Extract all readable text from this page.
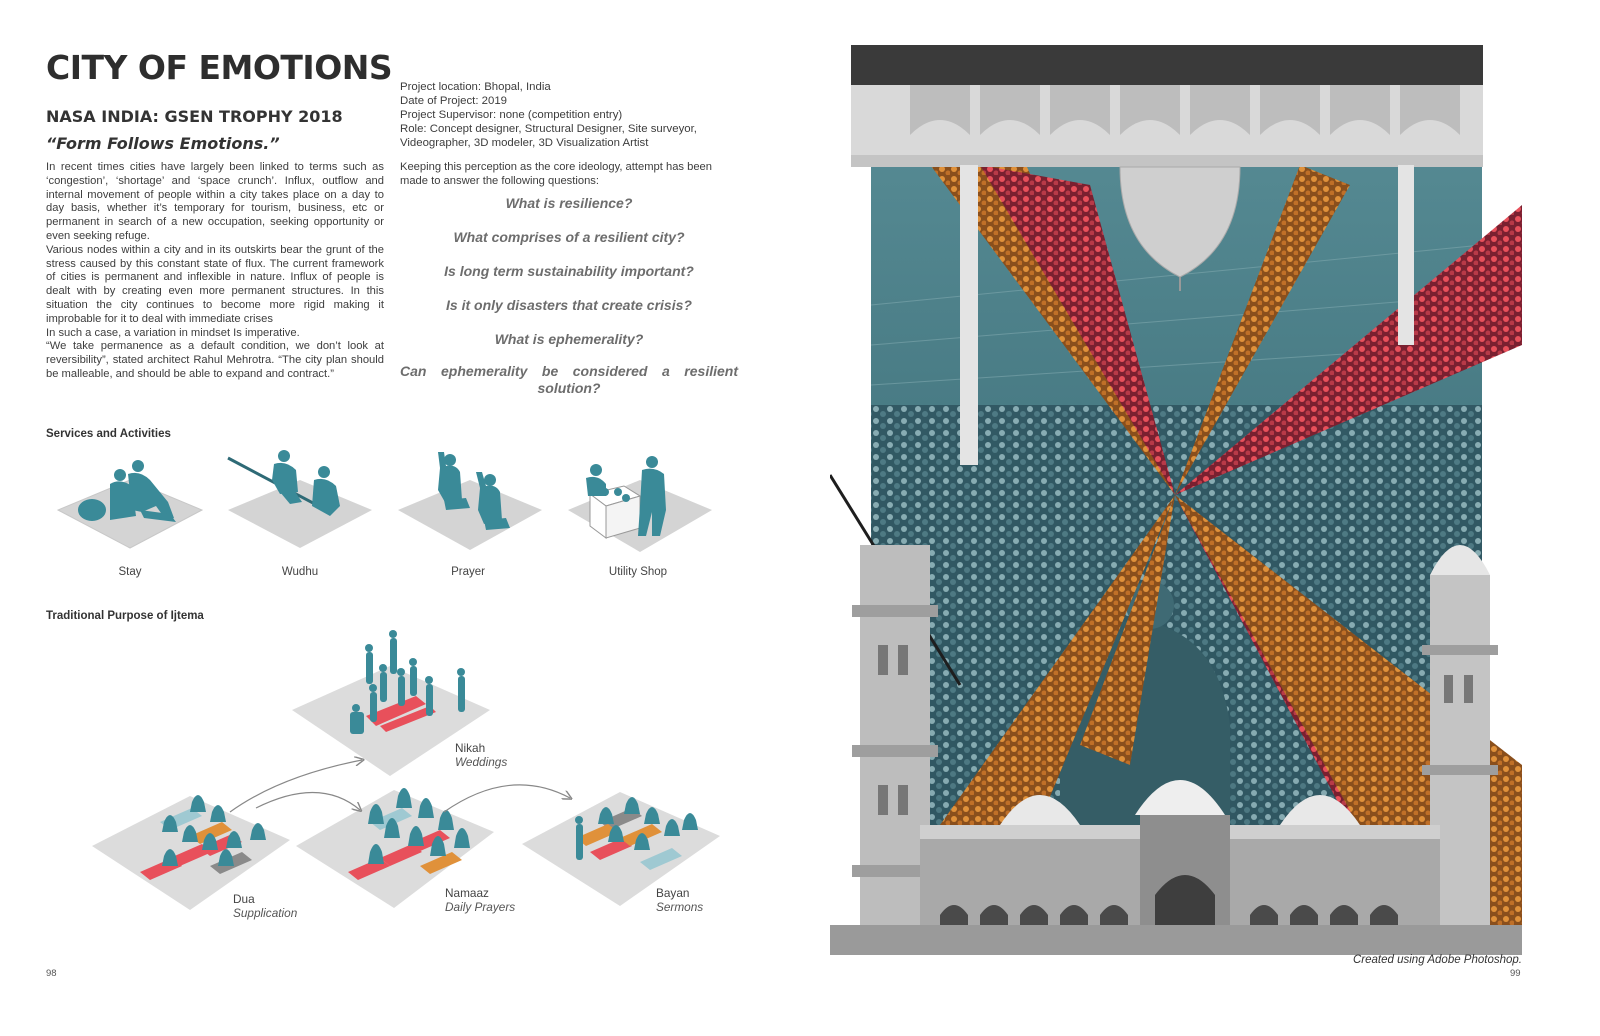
CITY OF EMOTIONS
NASA INDIA: GSEN TROPHY 2018
“Form Follows Emotions.”

In recent times cities have largely been linked to terms such as ‘congestion’, ‘shortage’ and ‘space crunch’. Influx, outflow and internal movement of people within a city takes place on a day to day basis, whether it’s temporary for tourism, business, etc or permanent in search of a new occupation, seeking opportunity or even seeking refuge.

Various nodes within a city and in its outskirts bear the grunt of the stress caused by this constant state of flux. The current framework of cities is permanent and inflexible in nature. Influx of people is dealt with by creating even more permanent structures. In this situation the city continues to become more rigid making it improbable for it to deal with immediate crises

In such a case, a variation in mindset Is imperative.

“We take permanence as a default condition, we don’t look at reversibility”, stated architect Rahul Mehrotra. “The city plan should be malleable, and should be able to expand and contract.”

Project location: Bhopal, India
Date of Project: 2019
Project Supervisor: none (competition entry)
Role: Concept designer, Structural Designer, Site surveyor,
Videographer, 3D modeler, 3D Visualization Artist
Keeping this perception as the core ideology, attempt has been made to answer the following questions:
What is resilience?
What comprises of a resilient city?
Is long term sustainability important?
Is it only disasters that create crisis?
What is ephemerality?
Can ephemerality be considered a resilient solution?
Services and Activities
Stay	Wudhu	Prayer	Utility Shop
Traditional Purpose of Ijtema
Nikah
Weddings
Dua
Supplication
Namaaz
Daily Prayers
Bayan
Sermons
98
Created using Adobe Photoshop.
99
